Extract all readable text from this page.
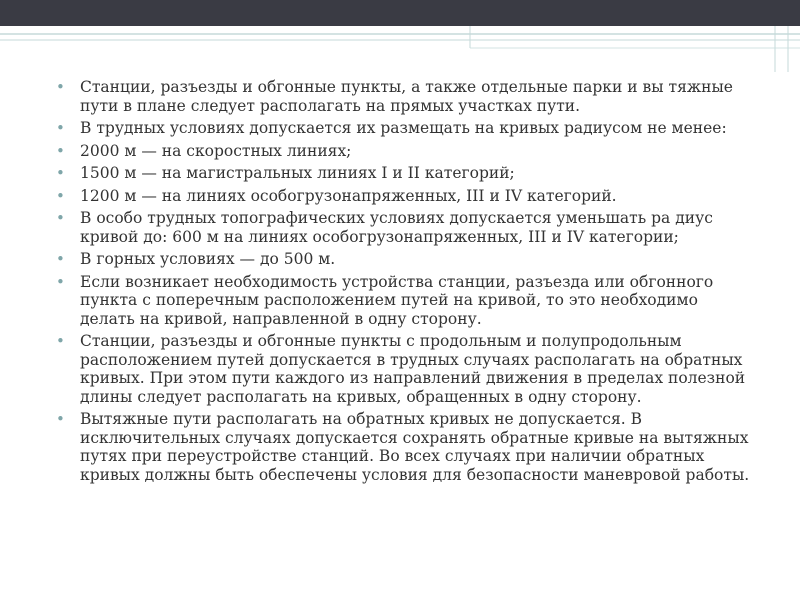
• Станции, разъезды и обгонные пункты, а также отдельные парки и вы тяжные пути в плане следует располагать на прямых участках пути.
• В трудных условиях допускается их размещать на кривых радиусом не менее:
• 2000 м — на скоростных линиях;
• 1500 м — на магистральных линиях I и II категорий;
• 1200 м — на линиях особогрузонапряженных, III и IV категорий.
• В особо трудных топографических условиях допускается уменьшать ра диус кривой до: 600 м на линиях особогрузонапряженных, III и IV категории;
• В горных условиях — до 500 м.
• Если возникает необходимость устройства станции, разъезда или обгонного пункта с поперечным расположением путей на кривой, то это необходимо делать на кривой, направленной в одну сторону.
• Станции, разъезды и обгонные пункты с продольным и полупродольным расположением путей допускается в трудных случаях располагать на обратных кривых. При этом пути каждого из направлений движения в пределах полезной длины следует располагать на кривых, обращенных в одну сторону.
• Вытяжные пути располагать на обратных кривых не допускается. В исключительных случаях допускается сохранять обратные кривые на вытяжных путях при переустройстве станций. Во всех случаях при наличии обратных кривых должны быть обеспечены условия для безопасности маневровой работы.
